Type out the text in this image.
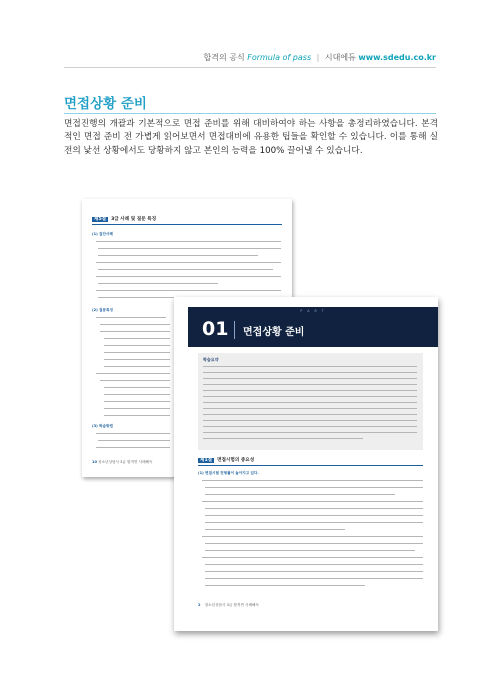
합격의 공식 Formula of pass | 시대에듀 www.sdedu.co.kr
면접상황 준비
면접진행의 개괄과 기본적으로 면접 준비를 위해 대비하여야 하는 사항을 총정리하였습니다. 본격적인 면접 준비 전 가볍게 읽어보면서 면접대비에 유용한 팁들을 확인할 수 있습니다. 이를 통해 실전의 낯선 상황에서도 당황하지 않고 본인의 능력을 100% 끌어낼 수 있습니다.
제5절 3급 사례 및 질문 특징
(1) 집단사례
(2) 질문특징
(3) 학습방법
10 청소년상담사 3급 합격면 사례해독
P A R T
01 면접상황 준비
학습요약
제1절 면접시험의 중요성
(1) 면접시험 전형률이 높아지고 있다.
2 청소년상담사 3급 합격면 사례해독
